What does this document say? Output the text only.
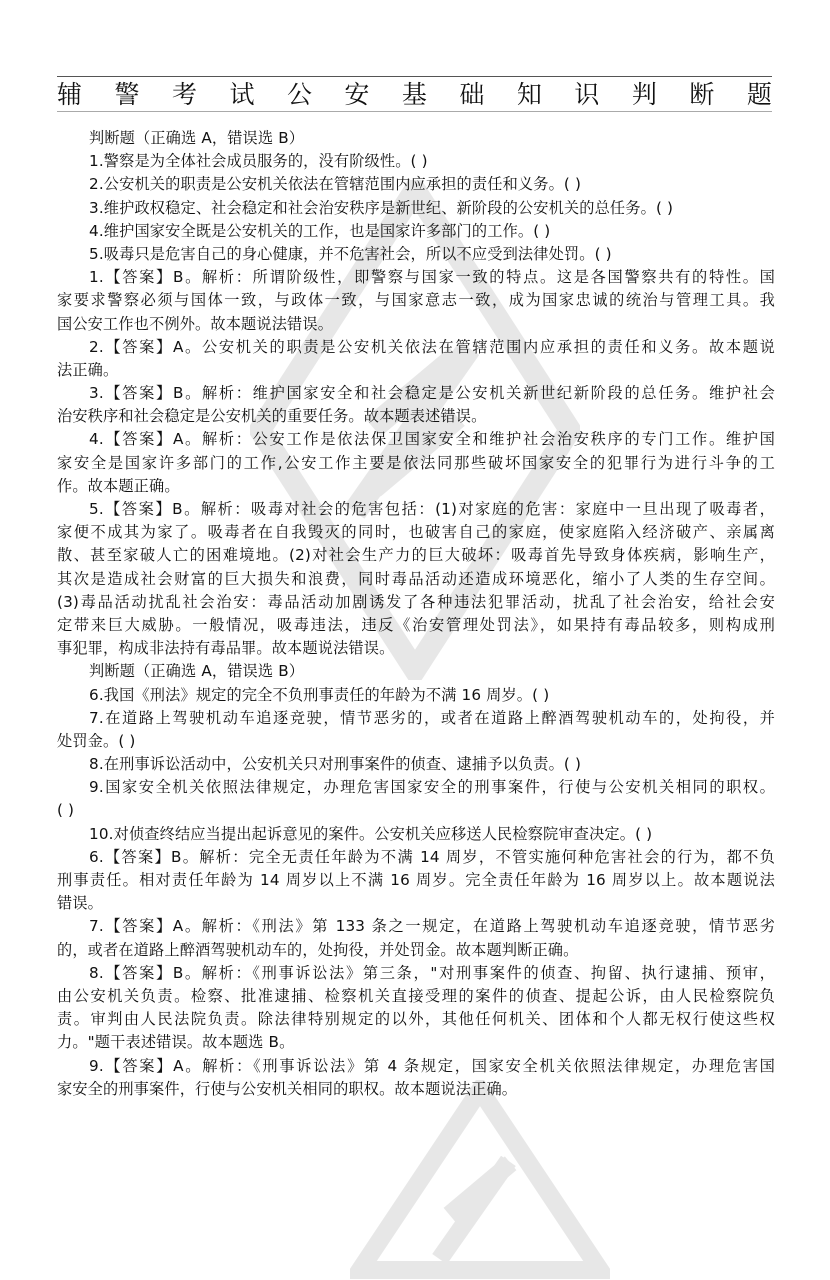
辅 警 考 试 公 安 基 础 知 识 判 断 题
判断题（正确选 A，错误选 B）
1.警察是为全体社会成员服务的，没有阶级性。( )
2.公安机关的职责是公安机关依法在管辖范围内应承担的责任和义务。( )
3.维护政权稳定、社会稳定和社会治安秩序是新世纪、新阶段的公安机关的总任务。( )
4.维护国家安全既是公安机关的工作，也是国家许多部门的工作。( )
5.吸毒只是危害自己的身心健康，并不危害社会，所以不应受到法律处罚。( )
1.【答案】B。解析：所谓阶级性，即警察与国家一致的特点。这是各国警察共有的特性。国
家要求警察必须与国体一致，与政体一致，与国家意志一致，成为国家忠诚的统治与管理工具。我
国公安工作也不例外。故本题说法错误。
2.【答案】A。公安机关的职责是公安机关依法在管辖范围内应承担的责任和义务。故本题说
法正确。
3.【答案】B。解析：维护国家安全和社会稳定是公安机关新世纪新阶段的总任务。维护社会
治安秩序和社会稳定是公安机关的重要任务。故本题表述错误。
4.【答案】A。解析：公安工作是依法保卫国家安全和维护社会治安秩序的专门工作。维护国
家安全是国家许多部门的工作,公安工作主要是依法同那些破坏国家安全的犯罪行为进行斗争的工
作。故本题正确。
5.【答案】B。解析：吸毒对社会的危害包括：(1)对家庭的危害：家庭中一旦出现了吸毒者，
家便不成其为家了。吸毒者在自我毁灭的同时，也破害自己的家庭，使家庭陷入经济破产、亲属离
散、甚至家破人亡的困难境地。(2)对社会生产力的巨大破坏：吸毒首先导致身体疾病，影响生产，
其次是造成社会财富的巨大损失和浪费，同时毒品活动还造成环境恶化，缩小了人类的生存空间。
(3)毒品活动扰乱社会治安：毒品活动加剧诱发了各种违法犯罪活动，扰乱了社会治安，给社会安
定带来巨大威胁。一般情况，吸毒违法，违反《治安管理处罚法》，如果持有毒品较多，则构成刑
事犯罪，构成非法持有毒品罪。故本题说法错误。
判断题（正确选 A，错误选 B）
6.我国《刑法》规定的完全不负刑事责任的年龄为不满 16 周岁。( )
7.在道路上驾驶机动车追逐竞驶，情节恶劣的，或者在道路上醉酒驾驶机动车的，处拘役，并
处罚金。( )
8.在刑事诉讼活动中，公安机关只对刑事案件的侦查、逮捕予以负责。( )
9.国家安全机关依照法律规定，办理危害国家安全的刑事案件，行使与公安机关相同的职权。
( )
10.对侦查终结应当提出起诉意见的案件。公安机关应移送人民检察院审查决定。( )
6.【答案】B。解析：完全无责任年龄为不满 14 周岁，不管实施何种危害社会的行为，都不负
刑事责任。相对责任年龄为 14 周岁以上不满 16 周岁。完全责任年龄为 16 周岁以上。故本题说法
错误。
7.【答案】A。解析：《刑法》第 133 条之一规定，在道路上驾驶机动车追逐竞驶，情节恶劣
的，或者在道路上醉酒驾驶机动车的，处拘役，并处罚金。故本题判断正确。
8.【答案】B。解析：《刑事诉讼法》第三条，"对刑事案件的侦查、拘留、执行逮捕、预审，
由公安机关负责。检察、批准逮捕、检察机关直接受理的案件的侦查、提起公诉，由人民检察院负
责。审判由人民法院负责。除法律特别规定的以外，其他任何机关、团体和个人都无权行使这些权
力。"题干表述错误。故本题选 B。
9.【答案】A。解析：《刑事诉讼法》第 4 条规定，国家安全机关依照法律规定，办理危害国
家安全的刑事案件，行使与公安机关相同的职权。故本题说法正确。
